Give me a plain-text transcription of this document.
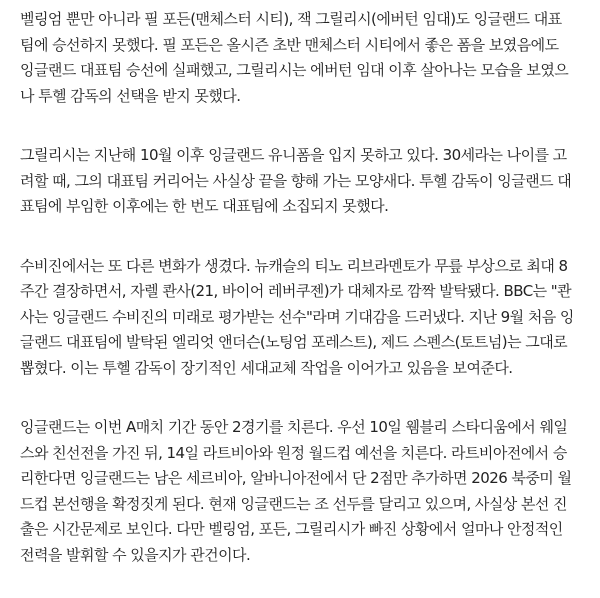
벨링엄 뿐만 아니라 필 포든(맨체스터 시티), 잭 그릴리시(에버턴 임대)도 잉글랜드 대표
팀에 승선하지 못했다. 필 포든은 올시즌 초반 맨체스터 시티에서 좋은 폼을 보였음에도
잉글랜드 대표팀 승선에 실패했고, 그릴리시는 에버턴 임대 이후 살아나는 모습을 보였으
나 투헬 감독의 선택을 받지 못했다.

그릴리시는 지난해 10월 이후 잉글랜드 유니폼을 입지 못하고 있다. 30세라는 나이를 고
려할 때, 그의 대표팀 커리어는 사실상 끝을 향해 가는 모양새다. 투헬 감독이 잉글랜드 대
표팀에 부임한 이후에는 한 번도 대표팀에 소집되지 못했다.

수비진에서는 또 다른 변화가 생겼다. 뉴캐슬의 티노 리브라멘토가 무릎 부상으로 최대 8
주간 결장하면서, 자렐 콴사(21, 바이어 레버쿠젠)가 대체자로 깜짝 발탁됐다. BBC는 "콴
사는 잉글랜드 수비진의 미래로 평가받는 선수"라며 기대감을 드러냈다. 지난 9월 처음 잉
글랜드 대표팀에 발탁된 엘리엇 앤더슨(노팅엄 포레스트), 제드 스펜스(토트넘)는 그대로
뽑혔다. 이는 투헬 감독이 장기적인 세대교체 작업을 이어가고 있음을 보여준다.

잉글랜드는 이번 A매치 기간 동안 2경기를 치른다. 우선 10일 웸블리 스타디움에서 웨일
스와 친선전을 가진 뒤, 14일 라트비아와 원정 월드컵 예선을 치른다. 라트비아전에서 승
리한다면 잉글랜드는 남은 세르비아, 알바니아전에서 단 2점만 추가하면 2026 북중미 월
드컵 본선행을 확정짓게 된다. 현재 잉글랜드는 조 선두를 달리고 있으며, 사실상 본선 진
출은 시간문제로 보인다. 다만 벨링엄, 포든, 그릴리시가 빠진 상황에서 얼마나 안정적인
전력을 발휘할 수 있을지가 관건이다.
